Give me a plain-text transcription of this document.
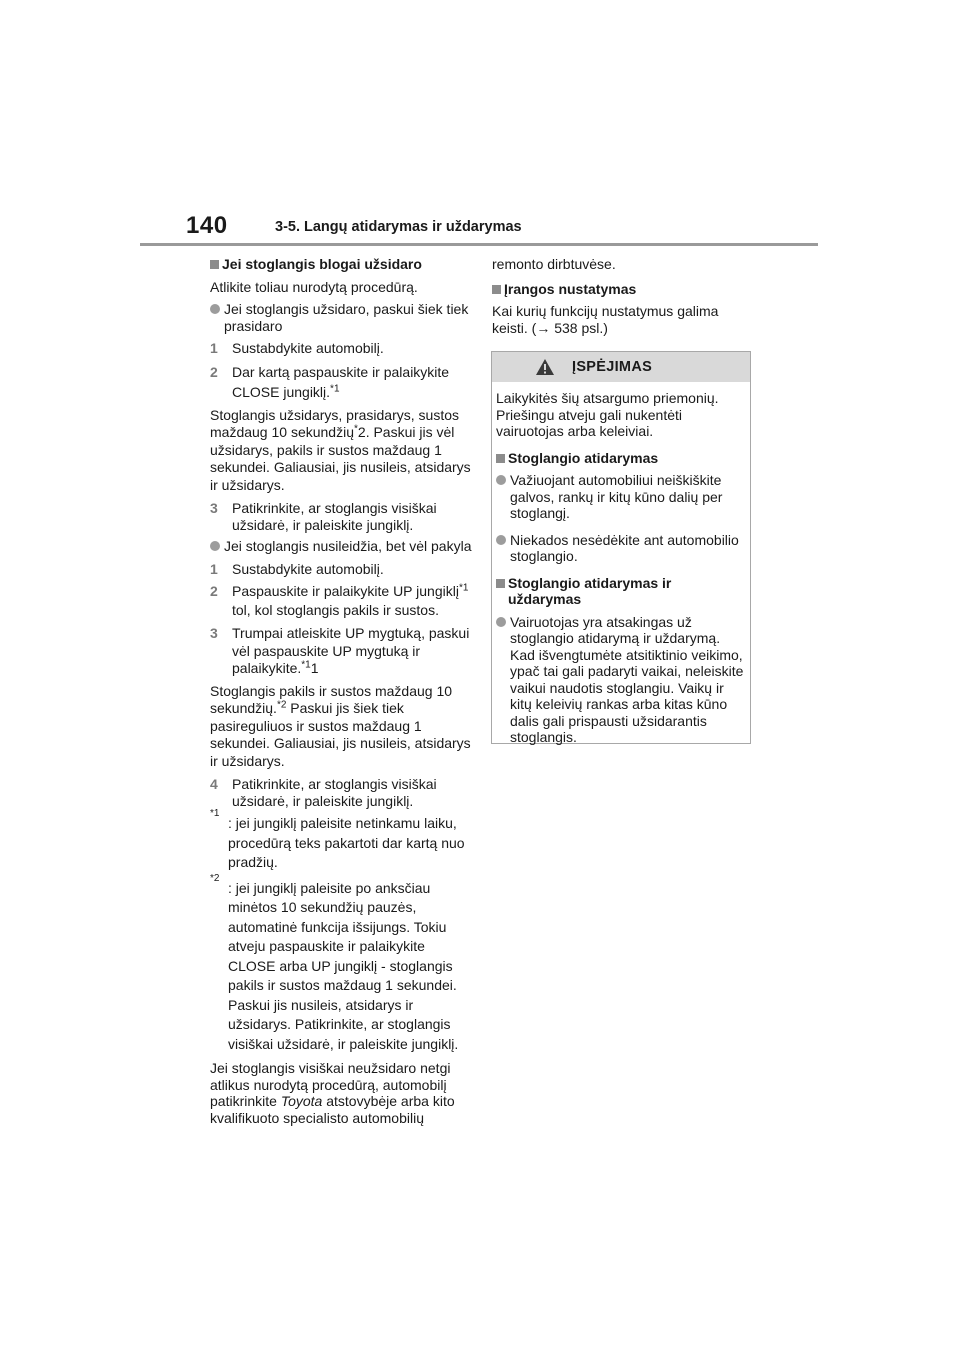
140	3-5. Langų atidarymas ir uždarymas
Jei stoglangis blogai užsidaro
Atlikite toliau nurodytą procedūrą.
Jei stoglangis užsidaro, paskui šiek tiek prasidaro
1 Sustabdykite automobilį.
2 Dar kartą paspauskite ir palaikykite CLOSE jungiklį.$^{*1}$
Stoglangis užsidarys, prasidarys, sustos maždaug 10 sekundžių*2. Paskui jis vėl užsidarys, pakils ir sustos maždaug 1 sekundei. Galiausiai, jis nusileis, atsidarys ir užsidarys.
3 Patikrinkite, ar stoglangis visiškai užsidarė, ir paleiskite jungiklį.
Jei stoglangis nusileidžia, bet vėl pakyla
1 Sustabdykite automobilį.
2 Paspauskite ir palaikykite UP jungiklį$^{*1}$ tol, kol stoglangis pakils ir sustos.
3 Trumpai atleiskite UP mygtuką, paskui vėl paspauskite UP mygtuką ir palaikykite.$^{*1}$1
Stoglangis pakils ir sustos maždaug 10 sekundžių.$^{*2}$ Paskui jis šiek tiek pasireguliuos ir sustos maždaug 1 sekundei. Galiausiai, jis nusileis, atsidarys ir užsidarys.
4 Patikrinkite, ar stoglangis visiškai užsidarė, ir paleiskite jungiklį.
*1
: jei jungiklį paleisite netinkamu laiku, procedūrą teks pakartoti dar kartą nuo pradžių.
*2
: jei jungiklį paleisite po anksčiau minėtos 10 sekundžių pauzės, automatinė funkcija išsijungs. Tokiu atveju paspauskite ir palaikykite CLOSE arba UP jungiklį - stoglangis pakils ir sustos maždaug 1 sekundei. Paskui jis nusileis, atsidarys ir užsidarys. Patikrinkite, ar stoglangis visiškai užsidarė, ir paleiskite jungiklį.
Jei stoglangis visiškai neužsidaro netgi atlikus nurodytą procedūrą, automobilį patikrinkite Toyota atstovybėje arba kito kvalifikuoto specialisto automobilių
remonto dirbtuvėse.
Įrangos nustatymas
Kai kurių funkcijų nustatymus galima keisti. (→ 538 psl.)
ĮSPĖJIMAS
Laikykitės šių atsargumo priemonių. Priešingu atveju gali nukentėti vairuotojas arba keleiviai.
Stoglangio atidarymas
Važiuojant automobiliui neiškiškite galvos, rankų ir kitų kūno dalių per stoglangį.
Niekados nesėdėkite ant automobilio stoglangio.
Stoglangio atidarymas ir uždarymas
Vairuotojas yra atsakingas už stoglangio atidarymą ir uždarymą. Kad išvengtumėte atsitiktinio veikimo, ypač tai gali padaryti vaikai, neleiskite vaikui naudotis stoglangiu. Vaikų ir kitų keleivių rankas arba kitas kūno dalis gali prispausti užsidarantis stoglangis.
